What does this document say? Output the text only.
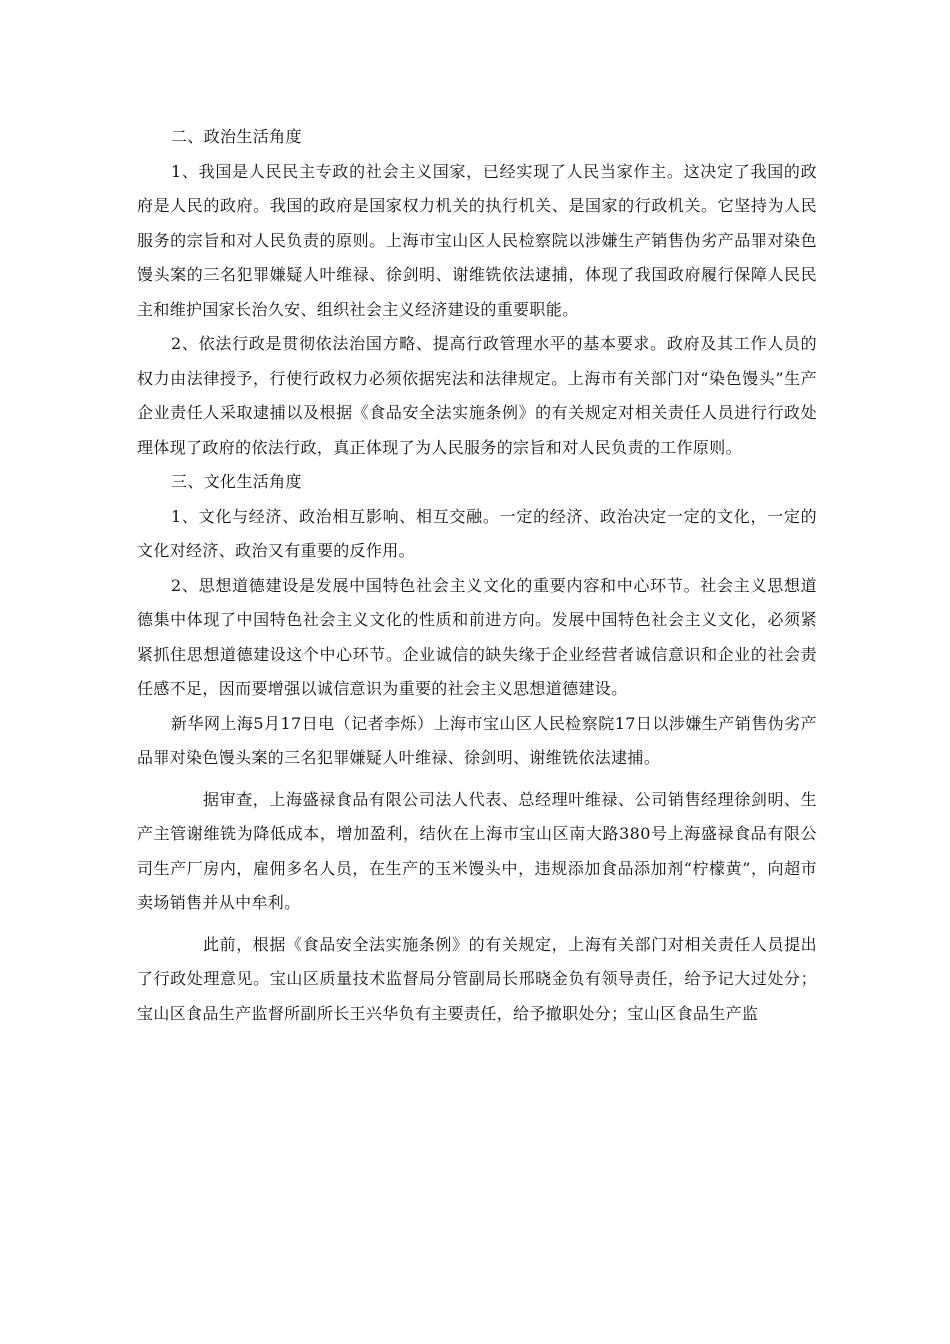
二、政治生活角度

1、我国是人民民主专政的社会主义国家，已经实现了人民当家作主。这决定了我国的政府是人民的政府。我国的政府是国家权力机关的执行机关、是国家的行政机关。它坚持为人民服务的宗旨和对人民负责的原则。上海市宝山区人民检察院以涉嫌生产销售伪劣产品罪对染色馒头案的三名犯罪嫌疑人叶维禄、徐剑明、谢维铣依法逮捕，体现了我国政府履行保障人民民主和维护国家长治久安、组织社会主义经济建设的重要职能。

2、依法行政是贯彻依法治国方略、提高行政管理水平的基本要求。政府及其工作人员的权力由法律授予，行使行政权力必须依据宪法和法律规定。上海市有关部门对“染色馒头”生产企业责任人采取逮捕以及根据《食品安全法实施条例》的有关规定对相关责任人员进行行政处理体现了政府的依法行政，真正体现了为人民服务的宗旨和对人民负责的工作原则。

三、文化生活角度

1、文化与经济、政治相互影响、相互交融。一定的经济、政治决定一定的文化，一定的文化对经济、政治又有重要的反作用。

2、思想道德建设是发展中国特色社会主义文化的重要内容和中心环节。社会主义思想道德集中体现了中国特色社会主义文化的性质和前进方向。发展中国特色社会主义文化，必须紧紧抓住思想道德建设这个中心环节。企业诚信的缺失缘于企业经营者诚信意识和企业的社会责任感不足，因而要增强以诚信意识为重要的社会主义思想道德建设。

新华网上海5月17日电（记者李烁）上海市宝山区人民检察院17日以涉嫌生产销售伪劣产品罪对染色馒头案的三名犯罪嫌疑人叶维禄、徐剑明、谢维铣依法逮捕。

据审查，上海盛禄食品有限公司法人代表、总经理叶维禄、公司销售经理徐剑明、生产主管谢维铣为降低成本，增加盈利，结伙在上海市宝山区南大路380号上海盛禄食品有限公司生产厂房内，雇佣多名人员，在生产的玉米馒头中，违规添加食品添加剂“柠檬黄”，向超市卖场销售并从中牟利。

此前，根据《食品安全法实施条例》的有关规定，上海有关部门对相关责任人员提出了行政处理意见。宝山区质量技术监督局分管副局长邢晓金负有领导责任，给予记大过处分；宝山区食品生产监督所副所长王兴华负有主要责任，给予撤职处分；宝山区食品生产监
